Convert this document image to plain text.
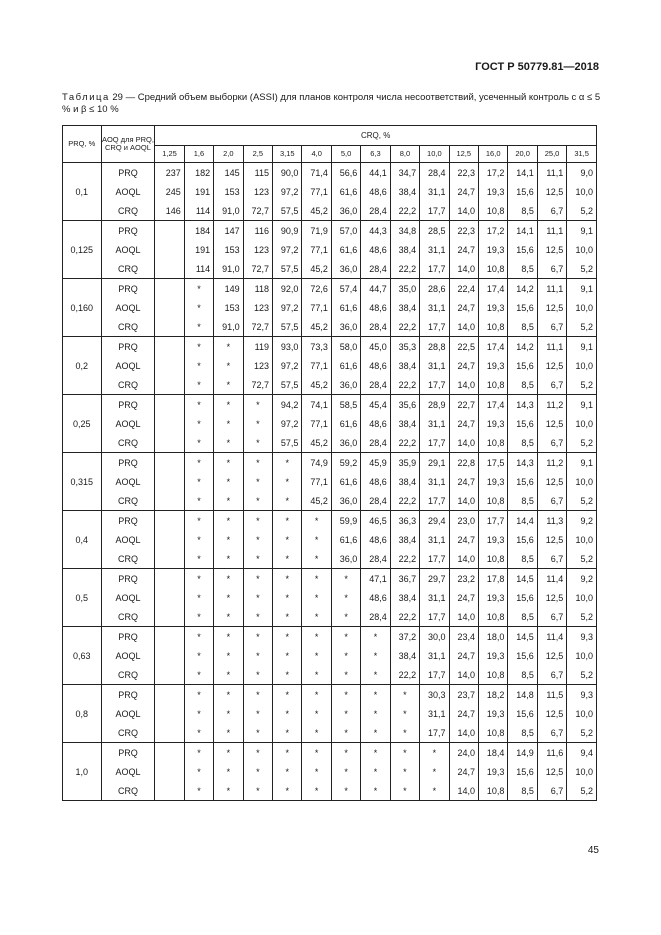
ГОСТ Р 50779.81—2018
Таблица 29 — Средний объем выборки (ASSI) для планов контроля числа несоответствий, усеченный контроль с α ≤ 5 % и β ≤ 10 %
PRQ, %	AOQ для PRQ, CRQ и AOQL	CRQ, %														
		1,25	1,6	2,0	2,5	3,15	4,0	5,0	6,3	8,0	10,0	12,5	16,0	20,0	25,0	31,5
0,1	PRQ	237	182	145	115	90,0	71,4	56,6	44,1	34,7	28,4	22,3	17,2	14,1	11,1	9,0
	AOQL	245	191	153	123	97,2	77,1	61,6	48,6	38,4	31,1	24,7	19,3	15,6	12,5	10,0
	CRQ	146	114	91,0	72,7	57,5	45,2	36,0	28,4	22,2	17,7	14,0	10,8	8,5	6,7	5,2
0,125	PRQ		184	147	116	90,9	71,9	57,0	44,3	34,8	28,5	22,3	17,2	14,1	11,1	9,1
	AOQL		191	153	123	97,2	77,1	61,6	48,6	38,4	31,1	24,7	19,3	15,6	12,5	10,0
	CRQ		114	91,0	72,7	57,5	45,2	36,0	28,4	22,2	17,7	14,0	10,8	8,5	6,7	5,2
0,160	PRQ		*	149	118	92,0	72,6	57,4	44,7	35,0	28,6	22,4	17,4	14,2	11,1	9,1
	AOQL		*	153	123	97,2	77,1	61,6	48,6	38,4	31,1	24,7	19,3	15,6	12,5	10,0
	CRQ		*	91,0	72,7	57,5	45,2	36,0	28,4	22,2	17,7	14,0	10,8	8,5	6,7	5,2
0,2	PRQ		*	*	119	93,0	73,3	58,0	45,0	35,3	28,8	22,5	17,4	14,2	11,1	9,1
	AOQL		*	*	123	97,2	77,1	61,6	48,6	38,4	31,1	24,7	19,3	15,6	12,5	10,0
	CRQ		*	*	72,7	57,5	45,2	36,0	28,4	22,2	17,7	14,0	10,8	8,5	6,7	5,2
0,25	PRQ		*	*	*	94,2	74,1	58,5	45,4	35,6	28,9	22,7	17,4	14,3	11,2	9,1
	AOQL		*	*	*	97,2	77,1	61,6	48,6	38,4	31,1	24,7	19,3	15,6	12,5	10,0
	CRQ		*	*	*	57,5	45,2	36,0	28,4	22,2	17,7	14,0	10,8	8,5	6,7	5,2
0,315	PRQ		*	*	*	*	74,9	59,2	45,9	35,9	29,1	22,8	17,5	14,3	11,2	9,1
	AOQL		*	*	*	*	77,1	61,6	48,6	38,4	31,1	24,7	19,3	15,6	12,5	10,0
	CRQ		*	*	*	*	45,2	36,0	28,4	22,2	17,7	14,0	10,8	8,5	6,7	5,2
0,4	PRQ		*	*	*	*	*	59,9	46,5	36,3	29,4	23,0	17,7	14,4	11,3	9,2
	AOQL		*	*	*	*	*	61,6	48,6	38,4	31,1	24,7	19,3	15,6	12,5	10,0
	CRQ		*	*	*	*	*	36,0	28,4	22,2	17,7	14,0	10,8	8,5	6,7	5,2
0,5	PRQ		*	*	*	*	*	*	47,1	36,7	29,7	23,2	17,8	14,5	11,4	9,2
	AOQL		*	*	*	*	*	*	48,6	38,4	31,1	24,7	19,3	15,6	12,5	10,0
	CRQ		*	*	*	*	*	*	28,4	22,2	17,7	14,0	10,8	8,5	6,7	5,2
0,63	PRQ		*	*	*	*	*	*	*	37,2	30,0	23,4	18,0	14,5	11,4	9,3
	AOQL		*	*	*	*	*	*	*	38,4	31,1	24,7	19,3	15,6	12,5	10,0
	CRQ		*	*	*	*	*	*	*	22,2	17,7	14,0	10,8	8,5	6,7	5,2
0,8	PRQ		*	*	*	*	*	*	*	*	30,3	23,7	18,2	14,8	11,5	9,3
	AOQL		*	*	*	*	*	*	*	*	31,1	24,7	19,3	15,6	12,5	10,0
	CRQ		*	*	*	*	*	*	*	*	17,7	14,0	10,8	8,5	6,7	5,2
1,0	PRQ		*	*	*	*	*	*	*	*	*	24,0	18,4	14,9	11,6	9,4
	AOQL		*	*	*	*	*	*	*	*	*	24,7	19,3	15,6	12,5	10,0
	CRQ		*	*	*	*	*	*	*	*	*	14,0	10,8	8,5	6,7	5,2
45
